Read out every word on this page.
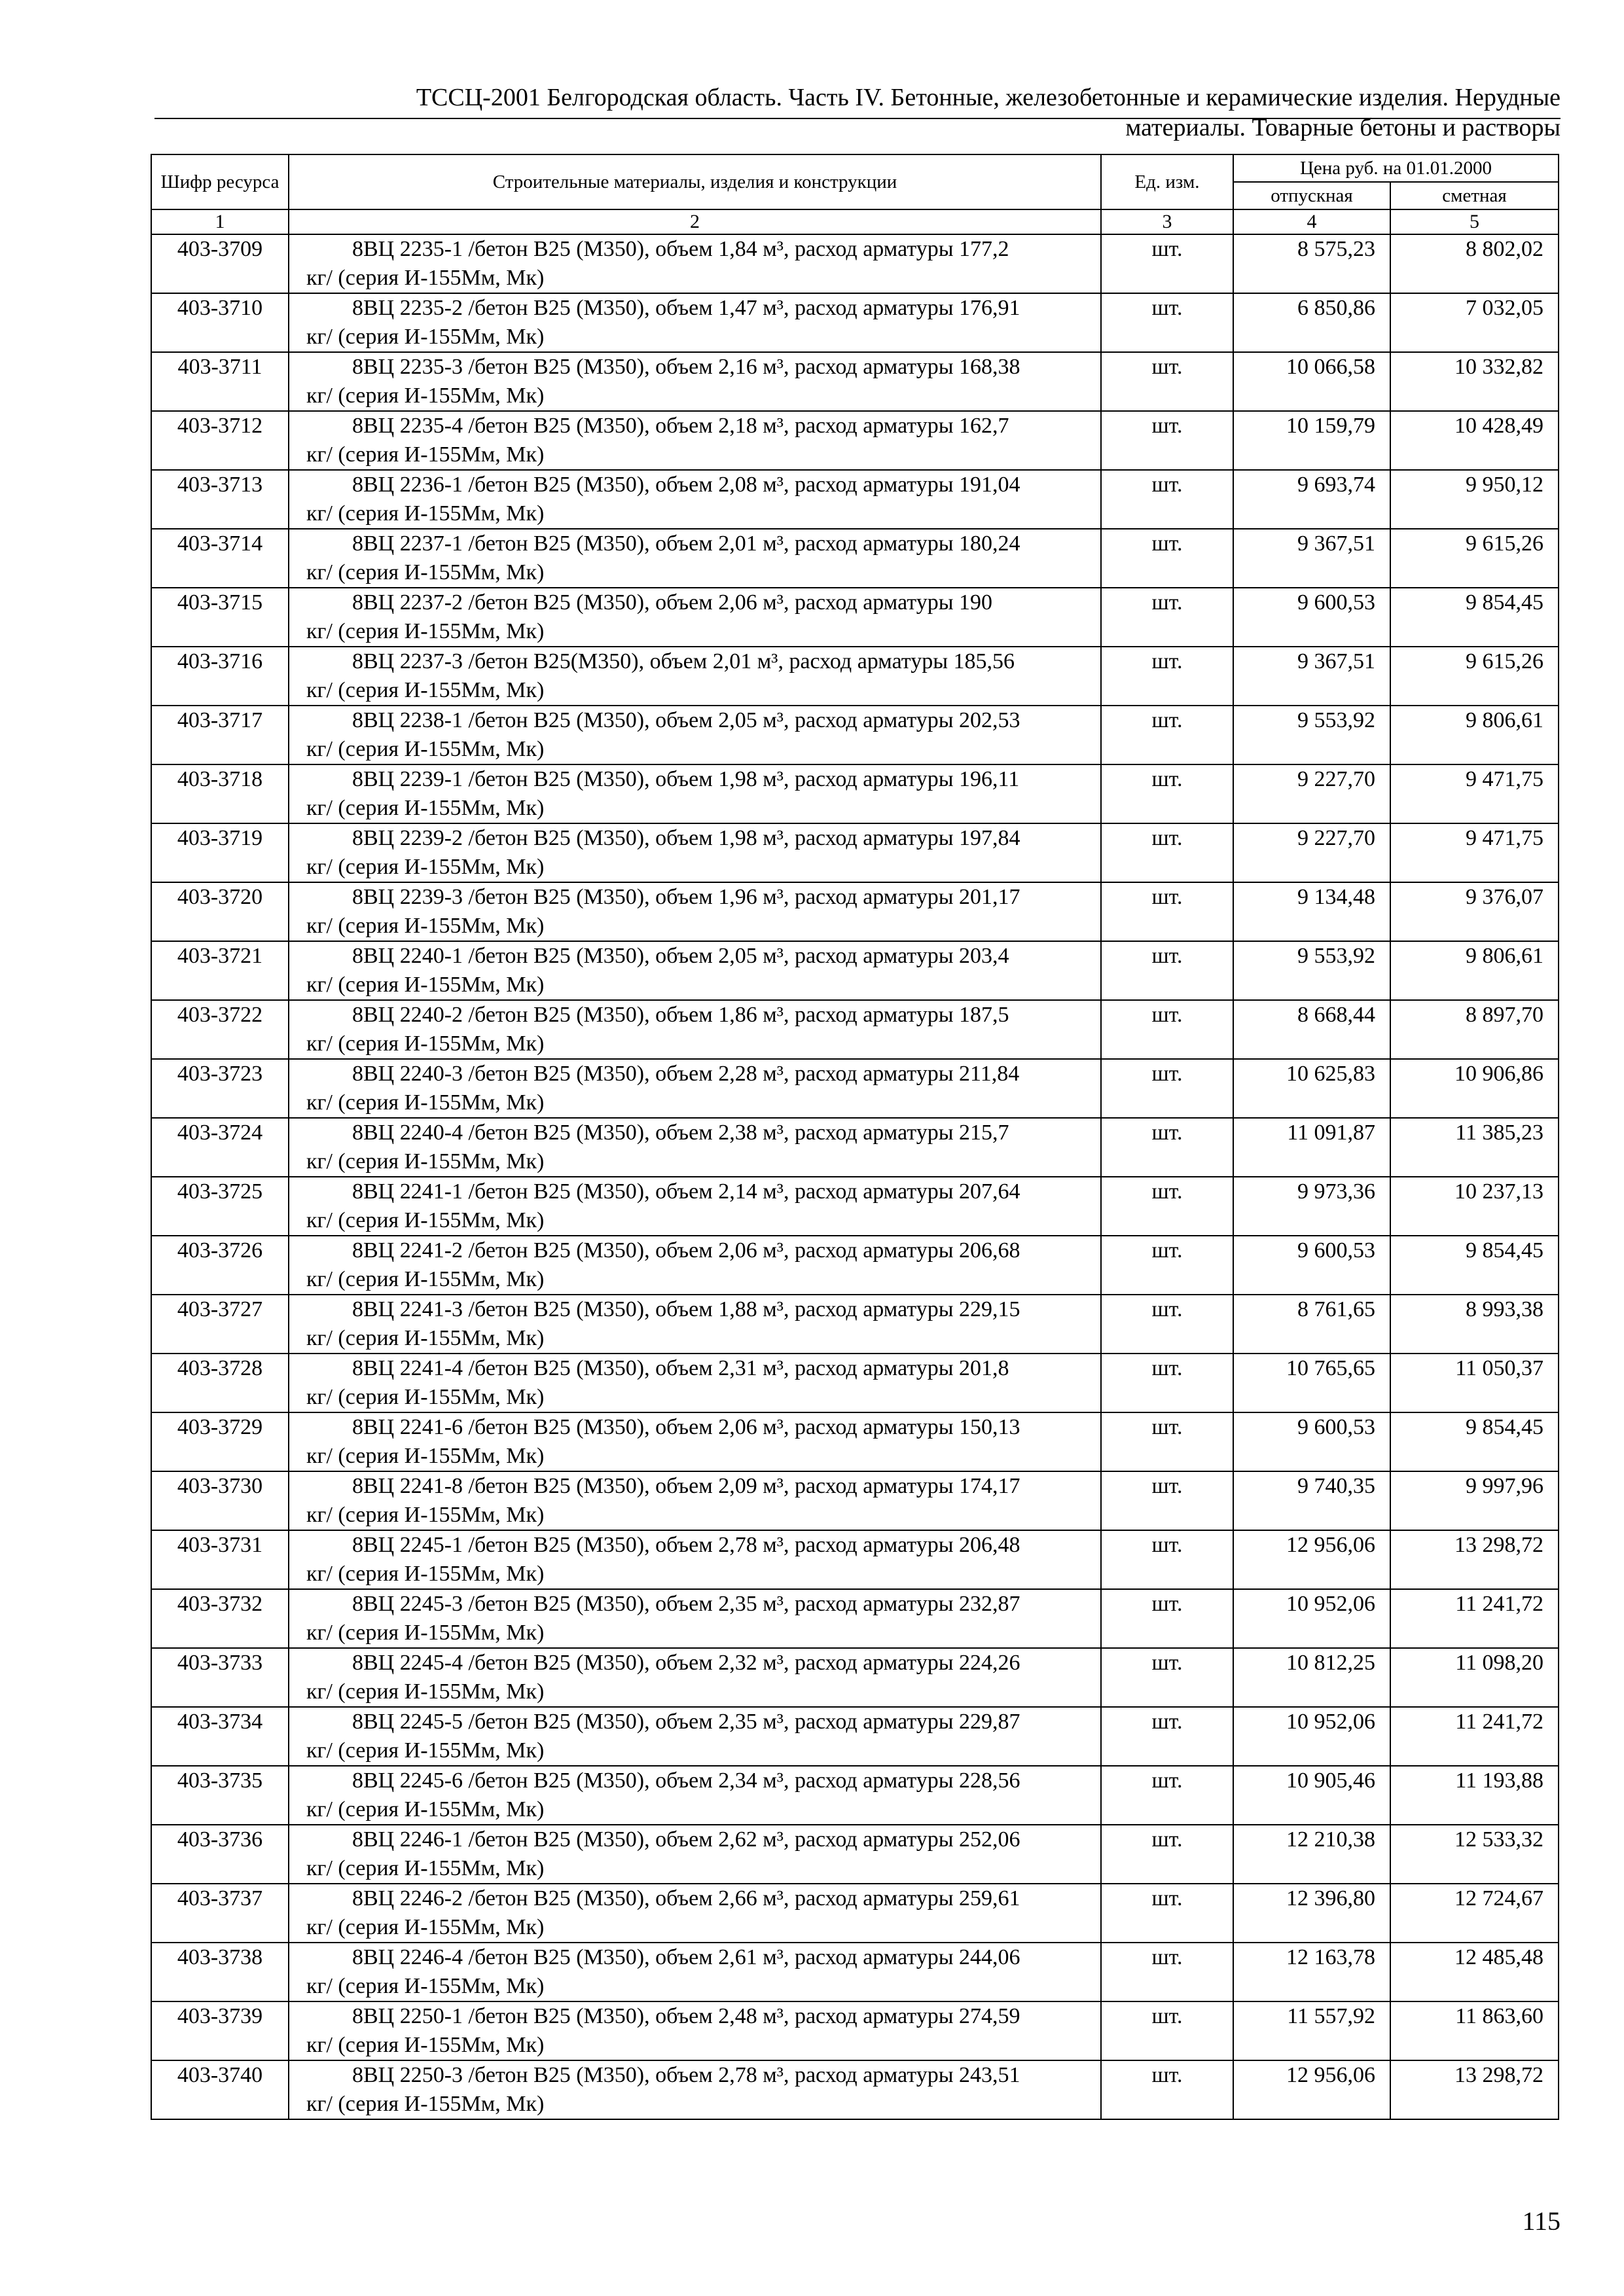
ТССЦ-2001 Белгородская область. Часть IV. Бетонные, железобетонные и керамические изделия. Нерудные
материалы. Товарные бетоны и растворы
Шифр ресурса	Строительные материалы, изделия и конструкции	Ед. изм.	Цена руб. на 01.01.2000	
			отпускная	сметная
1	2	3	4	5
403-3709	8ВЦ 2235-1 /бетон В25 (М350), объем 1,84 м³, расход арматуры 177,2
кг/ (серия И-155Мм, Мк)	шт.	8 575,23	8 802,02
403-3710	8ВЦ 2235-2 /бетон В25 (М350), объем 1,47 м³, расход арматуры 176,91
кг/ (серия И-155Мм, Мк)	шт.	6 850,86	7 032,05
403-3711	8ВЦ 2235-3 /бетон В25 (М350), объем 2,16 м³, расход арматуры 168,38
кг/ (серия И-155Мм, Мк)	шт.	10 066,58	10 332,82
403-3712	8ВЦ 2235-4 /бетон В25 (М350), объем 2,18 м³, расход арматуры 162,7
кг/ (серия И-155Мм, Мк)	шт.	10 159,79	10 428,49
403-3713	8ВЦ 2236-1 /бетон В25 (М350), объем 2,08 м³, расход арматуры 191,04
кг/ (серия И-155Мм, Мк)	шт.	9 693,74	9 950,12
403-3714	8ВЦ 2237-1 /бетон В25 (М350), объем 2,01 м³, расход арматуры 180,24
кг/ (серия И-155Мм, Мк)	шт.	9 367,51	9 615,26
403-3715	8ВЦ 2237-2 /бетон В25 (М350), объем 2,06 м³, расход арматуры 190
кг/ (серия И-155Мм, Мк)	шт.	9 600,53	9 854,45
403-3716	8ВЦ 2237-3 /бетон В25(М350), объем 2,01 м³, расход арматуры 185,56
кг/ (серия И-155Мм, Мк)	шт.	9 367,51	9 615,26
403-3717	8ВЦ 2238-1 /бетон В25 (М350), объем 2,05 м³, расход арматуры 202,53
кг/ (серия И-155Мм, Мк)	шт.	9 553,92	9 806,61
403-3718	8ВЦ 2239-1 /бетон В25 (М350), объем 1,98 м³, расход арматуры 196,11
кг/ (серия И-155Мм, Мк)	шт.	9 227,70	9 471,75
403-3719	8ВЦ 2239-2 /бетон В25 (М350), объем 1,98 м³, расход арматуры 197,84
кг/ (серия И-155Мм, Мк)	шт.	9 227,70	9 471,75
403-3720	8ВЦ 2239-3 /бетон В25 (М350), объем 1,96 м³, расход арматуры 201,17
кг/ (серия И-155Мм, Мк)	шт.	9 134,48	9 376,07
403-3721	8ВЦ 2240-1 /бетон В25 (М350), объем 2,05 м³, расход арматуры 203,4
кг/ (серия И-155Мм, Мк)	шт.	9 553,92	9 806,61
403-3722	8ВЦ 2240-2 /бетон В25 (М350), объем 1,86 м³, расход арматуры 187,5
кг/ (серия И-155Мм, Мк)	шт.	8 668,44	8 897,70
403-3723	8ВЦ 2240-3 /бетон В25 (М350), объем 2,28 м³, расход арматуры 211,84
кг/ (серия И-155Мм, Мк)	шт.	10 625,83	10 906,86
403-3724	8ВЦ 2240-4 /бетон В25 (М350), объем 2,38 м³, расход арматуры 215,7
кг/ (серия И-155Мм, Мк)	шт.	11 091,87	11 385,23
403-3725	8ВЦ 2241-1 /бетон В25 (М350), объем 2,14 м³, расход арматуры 207,64
кг/ (серия И-155Мм, Мк)	шт.	9 973,36	10 237,13
403-3726	8ВЦ 2241-2 /бетон В25 (М350), объем 2,06 м³, расход арматуры 206,68
кг/ (серия И-155Мм, Мк)	шт.	9 600,53	9 854,45
403-3727	8ВЦ 2241-3 /бетон В25 (М350), объем 1,88 м³, расход арматуры 229,15
кг/ (серия И-155Мм, Мк)	шт.	8 761,65	8 993,38
403-3728	8ВЦ 2241-4 /бетон В25 (М350), объем 2,31 м³, расход арматуры 201,8
кг/ (серия И-155Мм, Мк)	шт.	10 765,65	11 050,37
403-3729	8ВЦ 2241-6 /бетон В25 (М350), объем 2,06 м³, расход арматуры 150,13
кг/ (серия И-155Мм, Мк)	шт.	9 600,53	9 854,45
403-3730	8ВЦ 2241-8 /бетон В25 (М350), объем 2,09 м³, расход арматуры 174,17
кг/ (серия И-155Мм, Мк)	шт.	9 740,35	9 997,96
403-3731	8ВЦ 2245-1 /бетон В25 (М350), объем 2,78 м³, расход арматуры 206,48
кг/ (серия И-155Мм, Мк)	шт.	12 956,06	13 298,72
403-3732	8ВЦ 2245-3 /бетон В25 (М350), объем 2,35 м³, расход арматуры 232,87
кг/ (серия И-155Мм, Мк)	шт.	10 952,06	11 241,72
403-3733	8ВЦ 2245-4 /бетон В25 (М350), объем 2,32 м³, расход арматуры 224,26
кг/ (серия И-155Мм, Мк)	шт.	10 812,25	11 098,20
403-3734	8ВЦ 2245-5 /бетон В25 (М350), объем 2,35 м³, расход арматуры 229,87
кг/ (серия И-155Мм, Мк)	шт.	10 952,06	11 241,72
403-3735	8ВЦ 2245-6 /бетон В25 (М350), объем 2,34 м³, расход арматуры 228,56
кг/ (серия И-155Мм, Мк)	шт.	10 905,46	11 193,88
403-3736	8ВЦ 2246-1 /бетон В25 (М350), объем 2,62 м³, расход арматуры 252,06
кг/ (серия И-155Мм, Мк)	шт.	12 210,38	12 533,32
403-3737	8ВЦ 2246-2 /бетон В25 (М350), объем 2,66 м³, расход арматуры 259,61
кг/ (серия И-155Мм, Мк)	шт.	12 396,80	12 724,67
403-3738	8ВЦ 2246-4 /бетон В25 (М350), объем 2,61 м³, расход арматуры 244,06
кг/ (серия И-155Мм, Мк)	шт.	12 163,78	12 485,48
403-3739	8ВЦ 2250-1 /бетон В25 (М350), объем 2,48 м³, расход арматуры 274,59
кг/ (серия И-155Мм, Мк)	шт.	11 557,92	11 863,60
403-3740	8ВЦ 2250-3 /бетон В25 (М350), объем 2,78 м³, расход арматуры 243,51
кг/ (серия И-155Мм, Мк)	шт.	12 956,06	13 298,72
115
